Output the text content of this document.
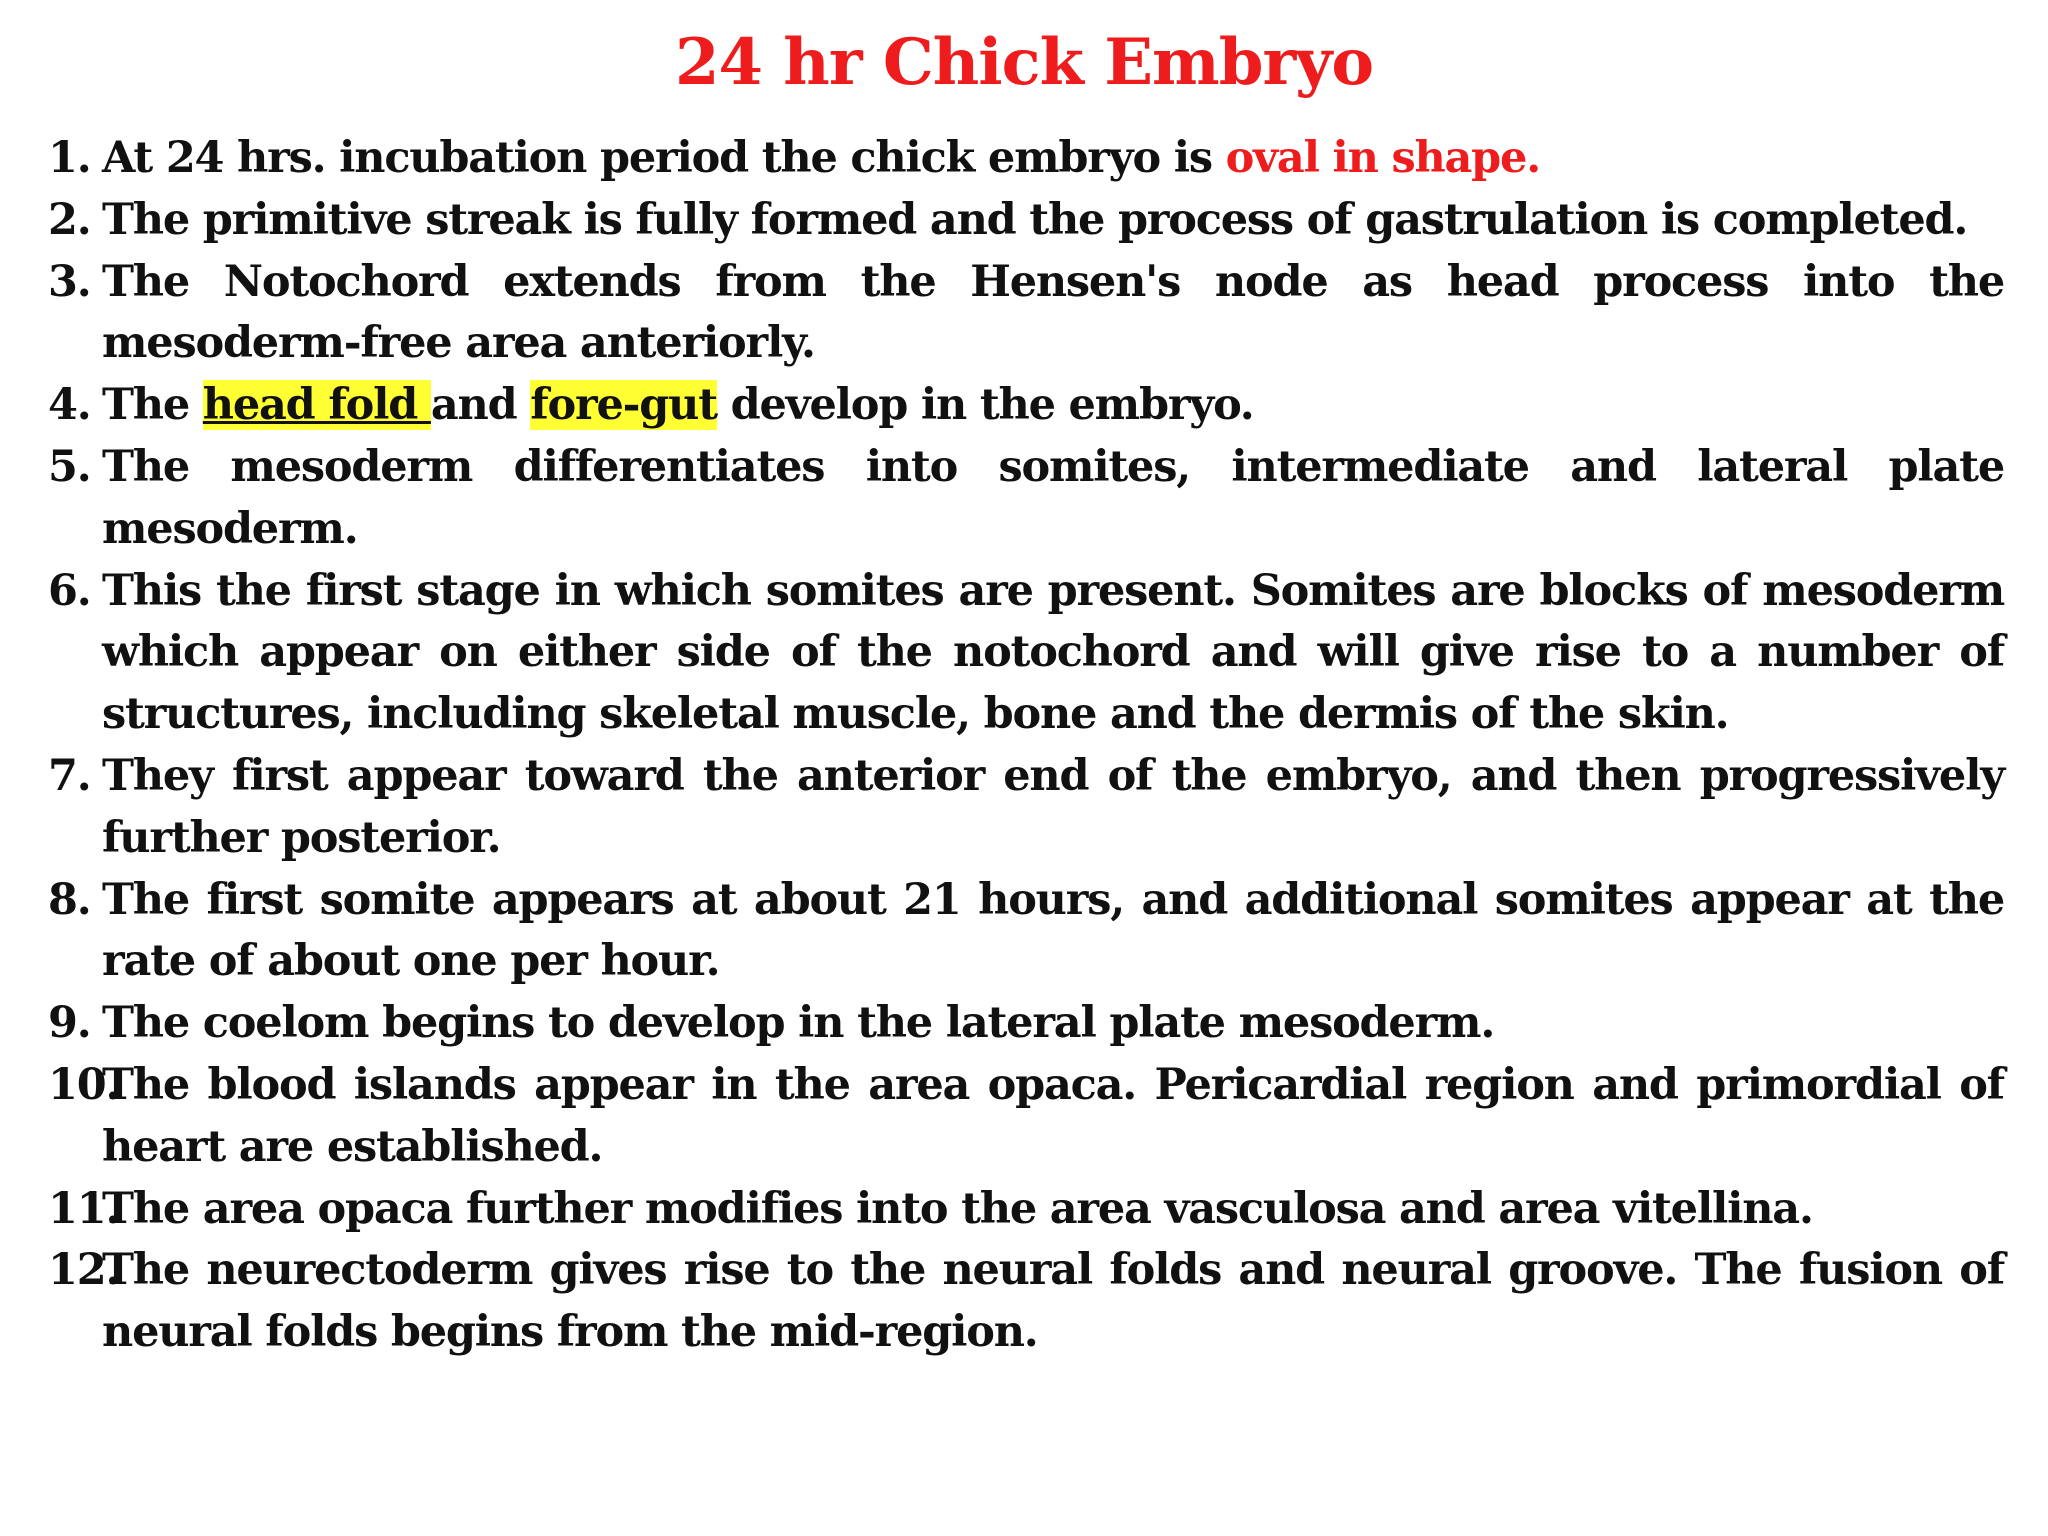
24 hr Chick Embryo
1. At 24 hrs. incubation period the chick embryo is oval in shape.
2. The primitive streak is fully formed and the process of gastrulation is completed.
3. The Notochord extends from the Hensen's node as head process into the mesoderm-free area anteriorly.
4. The head fold and fore-gut develop in the embryo.
5. The mesoderm differentiates into somites, intermediate and lateral plate mesoderm.
6. This the first stage in which somites are present. Somites are blocks of mesoderm which appear on either side of the notochord and will give rise to a number of structures, including skeletal muscle, bone and the dermis of the skin.
7. They first appear toward the anterior end of the embryo, and then progressively further posterior.
8. The first somite appears at about 21 hours, and additional somites appear at the rate of about one per hour.
9. The coelom begins to develop in the lateral plate mesoderm.
10.
The blood islands appear in the area opaca. Pericardial region and primordial of heart are established.
11.
The area opaca further modifies into the area vasculosa and area vitellina.
12.
The neurectoderm gives rise to the neural folds and neural groove. The fusion of neural folds begins from the mid-region.
